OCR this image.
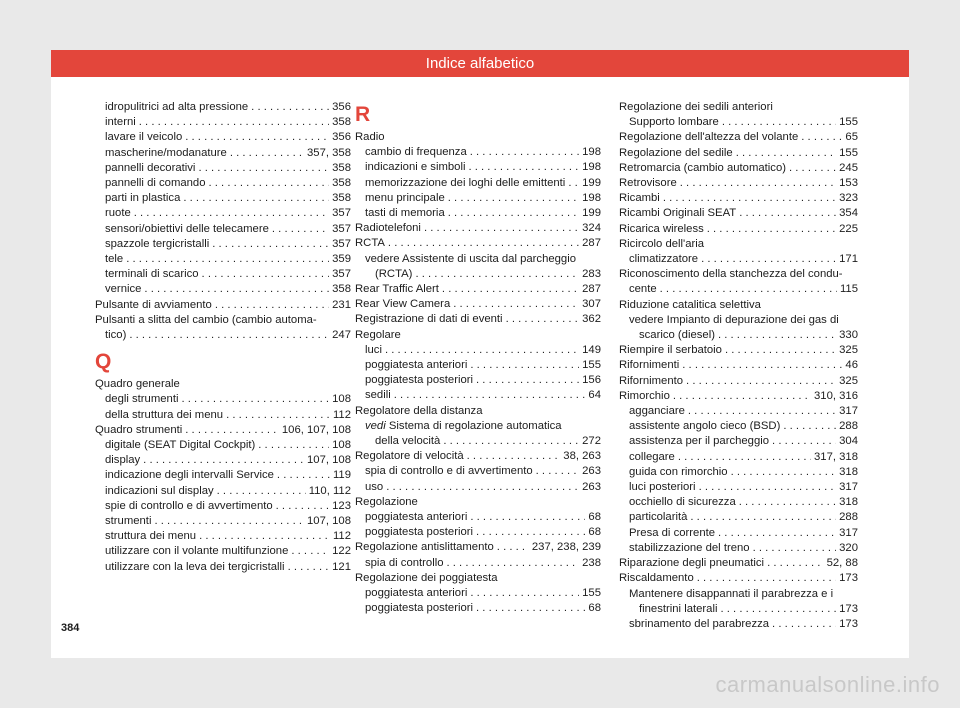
Indice alfabetico
idropulitrici ad alta pressione . . .	356
interni . . .	358
lavare il veicolo . . .	356
mascherine/modanature . . .	357, 358
pannelli decorativi . . .	358
pannelli di comando . . .	358
parti in plastica . . .	358
ruote . . .	357
sensori/obiettivi delle telecamere . . .	357
spazzole tergicristalli . . .	357
tele . . .	359
terminali di scarico . . .	357
vernice . . .	358
Pulsante di avviamento . . .	231
Pulsanti a slitta del cambio (cambio automa-
tico) . . .	247
Q
Quadro generale
degli strumenti . . .	108
della struttura dei menu . . .	112
Quadro strumenti . . .	106, 107, 108
digitale (SEAT Digital Cockpit) . . .	108
display . . .	107, 108
indicazione degli intervalli Service . . .	119
indicazioni sul display . . .	110, 112
spie di controllo e di avvertimento . . .	123
strumenti . . .	107, 108
struttura dei menu . . .	112
utilizzare con il volante multifunzione . . .	122
utilizzare con la leva dei tergicristalli . . .	121
R
Radio
cambio di frequenza . . .	198
indicazioni e simboli . . .	198
memorizzazione dei loghi delle emittenti . . . 199
menu principale . . .	198
tasti di memoria . . .	199
Radiotelefoni . . .	324
RCTA . . .	287
vedere Assistente di uscita dal parcheggio
(RCTA) . . .	283
Rear Traffic Alert . . .	287
Rear View Camera . . .	307
Registrazione di dati di eventi . . .	362
Regolare
luci . . .	149
poggiatesta anteriori . . .	155
poggiatesta posteriori . . .	156
sedili . . .	64
Regolatore della distanza
vedi Sistema di regolazione automatica
della velocità . . .	272
Regolatore di velocità . . .	38, 263
spia di controllo e di avvertimento . . .	263
uso . . .	263
Regolazione
poggiatesta anteriori . . .	68
poggiatesta posteriori . . .	68
Regolazione antislittamento . . .	237, 238, 239
spia di controllo . . .	238
Regolazione dei poggiatesta
poggiatesta anteriori . . .	155
poggiatesta posteriori . . .	68
Regolazione dei sedili anteriori
Supporto lombare . . .	155
Regolazione dell'altezza del volante . . .	65
Regolazione del sedile . . .	155
Retromarcia (cambio automatico) . . .	245
Retrovisore . . .	153
Ricambi . . .	323
Ricambi Originali SEAT . . .	354
Ricarica wireless . . .	225
Ricircolo dell'aria
climatizzatore . . .	171
Riconoscimento della stanchezza del condu-
cente . . .	115
Riduzione catalitica selettiva
vedere Impianto di depurazione dei gas di
scarico (diesel) . . .	330
Riempire il serbatoio . . .	325
Rifornimenti . . .	46
Rifornimento . . .	325
Rimorchio . . .	310, 316
agganciare . . .	317
assistente angolo cieco (BSD) . . .	288
assistenza per il parcheggio . . .	304
collegare . . .	317, 318
guida con rimorchio . . .	318
luci posteriori . . .	317
occhiello di sicurezza . . .	318
particolarità . . .	288
Presa di corrente . . .	317
stabilizzazione del treno . . .	320
Riparazione degli pneumatici . . .	52, 88
Riscaldamento . . .	173
Mantenere disappannati il parabrezza e i
finestrini laterali . . .	173
sbrinamento del parabrezza . . .	173
384
carmanualsonline.info
